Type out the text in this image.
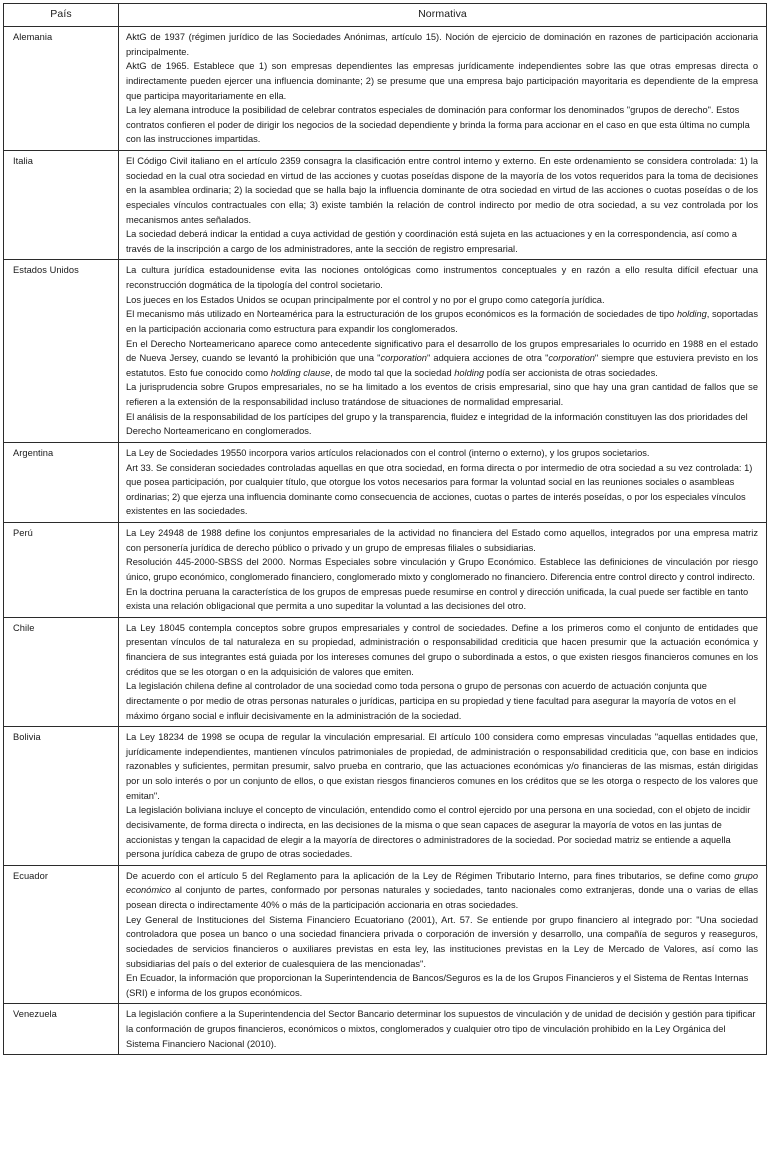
País	Normativa
Alemania	AktG de 1937 (régimen jurídico de las Sociedades Anónimas, artículo 15). Noción de ejercicio de dominación en razones de participación accionaria principalmente.

AktG de 1965. Establece que 1) son empresas dependientes las empresas jurídicamente independientes sobre las que otras empresas directa o indirectamente pueden ejercer una influencia dominante; 2) se presume que una empresa bajo participación mayoritaria es dependiente de la empresa que participa mayoritariamente en ella.

La ley alemana introduce la posibilidad de celebrar contratos especiales de dominación para conformar los denominados "grupos de derecho". Estos contratos confieren el poder de dirigir los negocios de la sociedad dependiente y brinda la forma para accionar en el caso en que esta última no cumpla con las instrucciones impartidas.

Italia	El Código Civil italiano en el artículo 2359 consagra la clasificación entre control interno y externo. En este ordenamiento se considera controlada: 1) la sociedad en la cual otra sociedad en virtud de las acciones y cuotas poseídas dispone de la mayoría de los votos requeridos para la toma de decisiones en la asamblea ordinaria; 2) la sociedad que se halla bajo la influencia dominante de otra sociedad en virtud de las acciones o cuotas poseídas o de los especiales vínculos contractuales con ella; 3) existe también la relación de control indirecto por medio de otra sociedad, a su vez controlada por los mecanismos antes señalados.

La sociedad deberá indicar la entidad a cuya actividad de gestión y coordinación está sujeta en las actuaciones y en la correspondencia, así como a través de la inscripción a cargo de los administradores, ante la sección de registro empresarial.

Estados Unidos	La cultura jurídica estadounidense evita las nociones ontológicas como instrumentos conceptuales y en razón a ello resulta difícil efectuar una reconstrucción dogmática de la tipología del control societario.

Los jueces en los Estados Unidos se ocupan principalmente por el control y no por el grupo como categoría jurídica.

El mecanismo más utilizado en Norteamérica para la estructuración de los grupos económicos es la formación de sociedades de tipo holding, soportadas en la participación accionaria como estructura para expandir los conglomerados.

En el Derecho Norteamericano aparece como antecedente significativo para el desarrollo de los grupos empresariales lo ocurrido en 1988 en el estado de Nueva Jersey, cuando se levantó la prohibición que una "corporation" adquiera acciones de otra "corporation" siempre que estuviera previsto en los estatutos. Esto fue conocido como holding clause, de modo tal que la sociedad holding podía ser accionista de otras sociedades.

La jurisprudencia sobre Grupos empresariales, no se ha limitado a los eventos de crisis empresarial, sino que hay una gran cantidad de fallos que se refieren a la extensión de la responsabilidad incluso tratándose de situaciones de normalidad empresarial.

El análisis de la responsabilidad de los partícipes del grupo y la transparencia, fluidez e integridad de la información constituyen las dos prioridades del Derecho Norteamericano en conglomerados.

Argentina	La Ley de Sociedades 19550 incorpora varios artículos relacionados con el control (interno o externo), y los grupos societarios.

Art 33. Se consideran sociedades controladas aquellas en que otra sociedad, en forma directa o por intermedio de otra sociedad a su vez controlada: 1) que posea participación, por cualquier título, que otorgue los votos necesarios para formar la voluntad social en las reuniones sociales o asambleas ordinarias; 2) que ejerza una influencia dominante como consecuencia de acciones, cuotas o partes de interés poseídas, o por los especiales vínculos existentes en las sociedades.

Perú	La Ley 24948 de 1988 define los conjuntos empresariales de la actividad no financiera del Estado como aquellos, integrados por una empresa matriz con personería jurídica de derecho público o privado y un grupo de empresas filiales o subsidiarias.

Resolución 445-2000-SBSS del 2000. Normas Especiales sobre vinculación y Grupo Económico. Establece las definiciones de vinculación por riesgo único, grupo económico, conglomerado financiero, conglomerado mixto y conglomerado no financiero. Diferencia entre control directo y control indirecto.

En la doctrina peruana la característica de los grupos de empresas puede resumirse en control y dirección unificada, la cual puede ser factible en tanto exista una relación obligacional que permita a uno supeditar la voluntad a las decisiones del otro.

Chile	La Ley 18045 contempla conceptos sobre grupos empresariales y control de sociedades. Define a los primeros como el conjunto de entidades que presentan vínculos de tal naturaleza en su propiedad, administración o responsabilidad crediticia que hacen presumir que la actuación económica y financiera de sus integrantes está guiada por los intereses comunes del grupo o subordinada a estos, o que existen riesgos financieros comunes en los créditos que se les otorgan o en la adquisición de valores que emiten.

La legislación chilena define al controlador de una sociedad como toda persona o grupo de personas con acuerdo de actuación conjunta que directamente o por medio de otras personas naturales o jurídicas, participa en su propiedad y tiene facultad para asegurar la mayoría de votos en el máximo órgano social e influir decisivamente en la administración de la sociedad.

Bolivia	La Ley 18234 de 1998 se ocupa de regular la vinculación empresarial. El artículo 100 considera como empresas vinculadas "aquellas entidades que, jurídicamente independientes, mantienen vínculos patrimoniales de propiedad, de administración o responsabilidad crediticia que, con base en indicios razonables y suficientes, permitan presumir, salvo prueba en contrario, que las actuaciones económicas y/o financieras de las mismas, están dirigidas por un solo interés o por un conjunto de ellos, o que existan riesgos financieros comunes en los créditos que se les otorga o respecto de los valores que emitan".

La legislación boliviana incluye el concepto de vinculación, entendido como el control ejercido por una persona en una sociedad, con el objeto de incidir decisivamente, de forma directa o indirecta, en las decisiones de la misma o que sean capaces de asegurar la mayoría de votos en las juntas de accionistas y tengan la capacidad de elegir a la mayoría de directores o administradores de la sociedad. Por sociedad matriz se entiende a aquella persona jurídica cabeza de grupo de otras sociedades.

Ecuador	De acuerdo con el artículo 5 del Reglamento para la aplicación de la Ley de Régimen Tributario Interno, para fines tributarios, se define como grupo económico al conjunto de partes, conformado por personas naturales y sociedades, tanto nacionales como extranjeras, donde una o varias de ellas posean directa o indirectamente 40% o más de la participación accionaria en otras sociedades.

Ley General de Instituciones del Sistema Financiero Ecuatoriano (2001), Art. 57. Se entiende por grupo financiero al integrado por: "Una sociedad controladora que posea un banco o una sociedad financiera privada o corporación de inversión y desarrollo, una compañía de seguros y reaseguros, sociedades de servicios financieros o auxiliares previstas en esta ley, las instituciones previstas en la Ley de Mercado de Valores, así como las subsidiarias del país o del exterior de cualesquiera de las mencionadas".

En Ecuador, la información que proporcionan la Superintendencia de Bancos/Seguros es la de los Grupos Financieros y el Sistema de Rentas Internas (SRI) e informa de los grupos económicos.

Venezuela	La legislación confiere a la Superintendencia del Sector Bancario determinar los supuestos de vinculación y de unidad de decisión y gestión para tipificar la conformación de grupos financieros, económicos o mixtos, conglomerados y cualquier otro tipo de vinculación prohibido en la Ley Orgánica del Sistema Financiero Nacional (2010).
